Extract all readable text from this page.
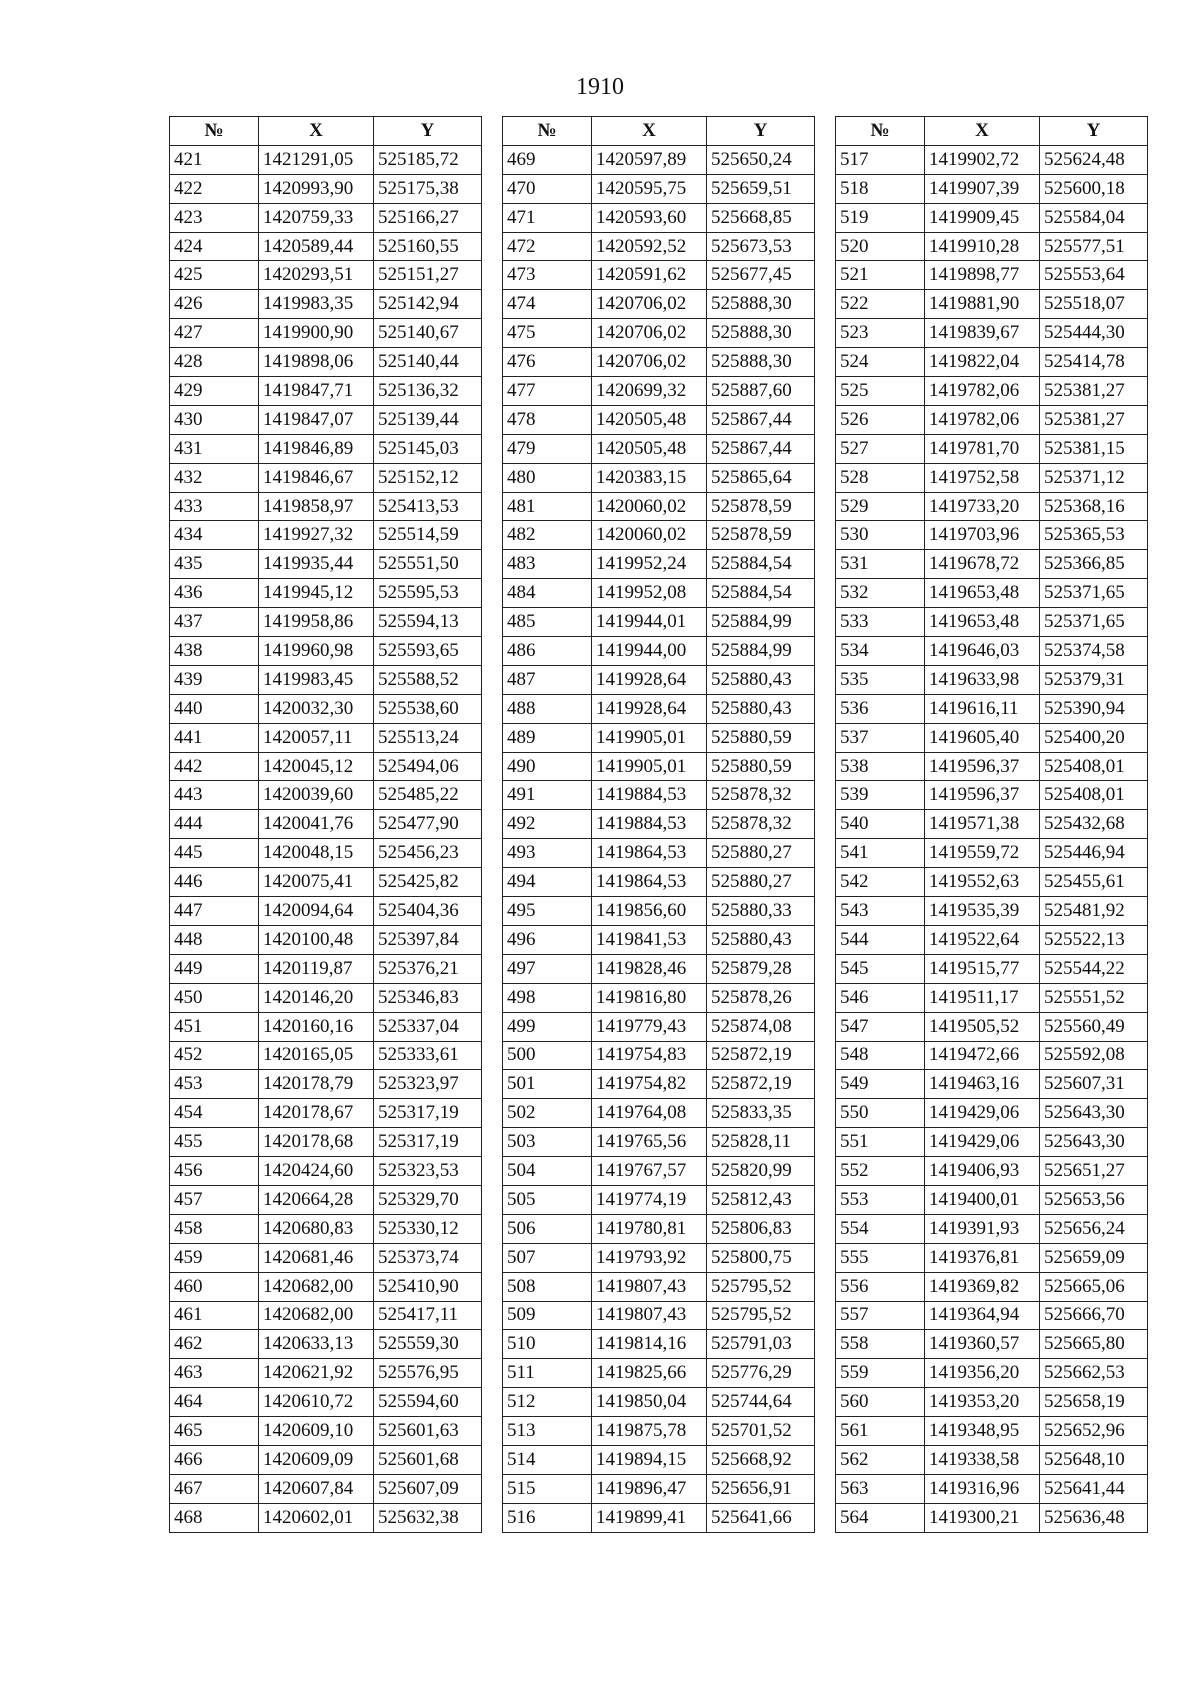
1910
№	X	Y
421	1421291,05	525185,72
422	1420993,90	525175,38
423	1420759,33	525166,27
424	1420589,44	525160,55
425	1420293,51	525151,27
426	1419983,35	525142,94
427	1419900,90	525140,67
428	1419898,06	525140,44
429	1419847,71	525136,32
430	1419847,07	525139,44
431	1419846,89	525145,03
432	1419846,67	525152,12
433	1419858,97	525413,53
434	1419927,32	525514,59
435	1419935,44	525551,50
436	1419945,12	525595,53
437	1419958,86	525594,13
438	1419960,98	525593,65
439	1419983,45	525588,52
440	1420032,30	525538,60
441	1420057,11	525513,24
442	1420045,12	525494,06
443	1420039,60	525485,22
444	1420041,76	525477,90
445	1420048,15	525456,23
446	1420075,41	525425,82
447	1420094,64	525404,36
448	1420100,48	525397,84
449	1420119,87	525376,21
450	1420146,20	525346,83
451	1420160,16	525337,04
452	1420165,05	525333,61
453	1420178,79	525323,97
454	1420178,67	525317,19
455	1420178,68	525317,19
456	1420424,60	525323,53
457	1420664,28	525329,70
458	1420680,83	525330,12
459	1420681,46	525373,74
460	1420682,00	525410,90
461	1420682,00	525417,11
462	1420633,13	525559,30
463	1420621,92	525576,95
464	1420610,72	525594,60
465	1420609,10	525601,63
466	1420609,09	525601,68
467	1420607,84	525607,09
468	1420602,01	525632,38
№	X	Y
469	1420597,89	525650,24
470	1420595,75	525659,51
471	1420593,60	525668,85
472	1420592,52	525673,53
473	1420591,62	525677,45
474	1420706,02	525888,30
475	1420706,02	525888,30
476	1420706,02	525888,30
477	1420699,32	525887,60
478	1420505,48	525867,44
479	1420505,48	525867,44
480	1420383,15	525865,64
481	1420060,02	525878,59
482	1420060,02	525878,59
483	1419952,24	525884,54
484	1419952,08	525884,54
485	1419944,01	525884,99
486	1419944,00	525884,99
487	1419928,64	525880,43
488	1419928,64	525880,43
489	1419905,01	525880,59
490	1419905,01	525880,59
491	1419884,53	525878,32
492	1419884,53	525878,32
493	1419864,53	525880,27
494	1419864,53	525880,27
495	1419856,60	525880,33
496	1419841,53	525880,43
497	1419828,46	525879,28
498	1419816,80	525878,26
499	1419779,43	525874,08
500	1419754,83	525872,19
501	1419754,82	525872,19
502	1419764,08	525833,35
503	1419765,56	525828,11
504	1419767,57	525820,99
505	1419774,19	525812,43
506	1419780,81	525806,83
507	1419793,92	525800,75
508	1419807,43	525795,52
509	1419807,43	525795,52
510	1419814,16	525791,03
511	1419825,66	525776,29
512	1419850,04	525744,64
513	1419875,78	525701,52
514	1419894,15	525668,92
515	1419896,47	525656,91
516	1419899,41	525641,66
№	X	Y
517	1419902,72	525624,48
518	1419907,39	525600,18
519	1419909,45	525584,04
520	1419910,28	525577,51
521	1419898,77	525553,64
522	1419881,90	525518,07
523	1419839,67	525444,30
524	1419822,04	525414,78
525	1419782,06	525381,27
526	1419782,06	525381,27
527	1419781,70	525381,15
528	1419752,58	525371,12
529	1419733,20	525368,16
530	1419703,96	525365,53
531	1419678,72	525366,85
532	1419653,48	525371,65
533	1419653,48	525371,65
534	1419646,03	525374,58
535	1419633,98	525379,31
536	1419616,11	525390,94
537	1419605,40	525400,20
538	1419596,37	525408,01
539	1419596,37	525408,01
540	1419571,38	525432,68
541	1419559,72	525446,94
542	1419552,63	525455,61
543	1419535,39	525481,92
544	1419522,64	525522,13
545	1419515,77	525544,22
546	1419511,17	525551,52
547	1419505,52	525560,49
548	1419472,66	525592,08
549	1419463,16	525607,31
550	1419429,06	525643,30
551	1419429,06	525643,30
552	1419406,93	525651,27
553	1419400,01	525653,56
554	1419391,93	525656,24
555	1419376,81	525659,09
556	1419369,82	525665,06
557	1419364,94	525666,70
558	1419360,57	525665,80
559	1419356,20	525662,53
560	1419353,20	525658,19
561	1419348,95	525652,96
562	1419338,58	525648,10
563	1419316,96	525641,44
564	1419300,21	525636,48
